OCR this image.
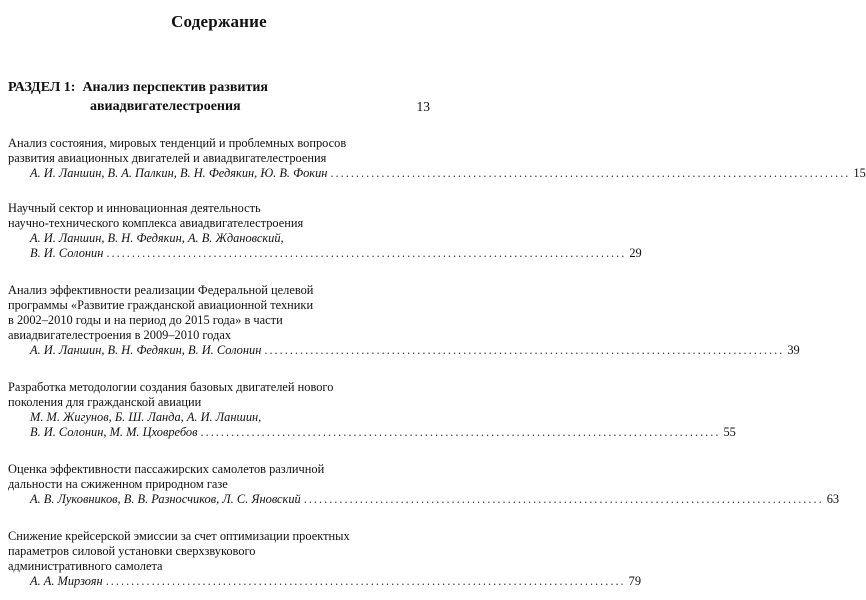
Содержание
РАЗДЕЛ 1: Анализ перспектив развития
авиадвигателестроения	13
Анализ состояния, мировых тенденций и проблемных вопросов
развития авиационных двигателей и авиадвигателестроения
А. И. Ланшин, В. А. Палкин, В. Н. Федякин, Ю. В. Фокин ...................................................................................................... 15
Научный сектор и инновационная деятельность
научно-технического комплекса авиадвигателестроения
А. И. Ланшин, В. Н. Федякин, А. В. Ждановский,
В. И. Солонин ...................................................................................................... 29
Анализ эффективности реализации Федеральной целевой
программы «Развитие гражданской авиационной техники
в 2002–2010 годы и на период до 2015 года» в части
авиадвигателестроения в 2009–2010 годах
А. И. Ланшин, В. Н. Федякин, В. И. Солонин ...................................................................................................... 39
Разработка методологии создания базовых двигателей нового
поколения для гражданской авиации
М. М. Жигунов, Б. Ш. Ланда, А. И. Ланшин,
В. И. Солонин, М. М. Цховребов ...................................................................................................... 55
Оценка эффективности пассажирских самолетов различной
дальности на сжиженном природном газе
А. В. Луковников, В. В. Разносчиков, Л. С. Яновский ...................................................................................................... 63
Снижение крейсерской эмиссии за счет оптимизации проектных
параметров силовой установки сверхзвукового
административного самолета
А. А. Мирзоян ...................................................................................................... 79
